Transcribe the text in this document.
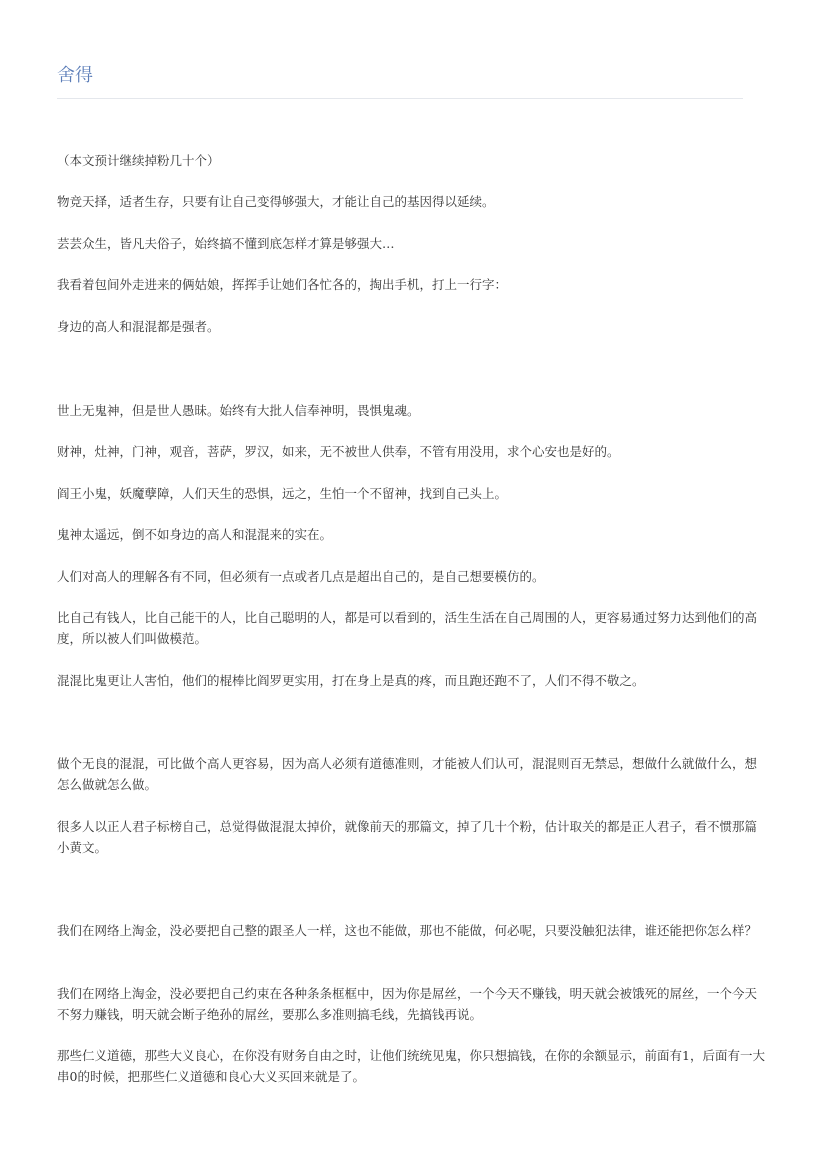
舍得

（本文预计继续掉粉几十个）

物竞天择，适者生存，只要有让自己变得够强大，才能让自己的基因得以延续。

芸芸众生，皆凡夫俗子，始终搞不懂到底怎样才算是够强大…

我看着包间外走进来的俩姑娘，挥挥手让她们各忙各的，掏出手机，打上一行字：

身边的高人和混混都是强者。

世上无鬼神，但是世人愚昧。始终有大批人信奉神明，畏惧鬼魂。

财神，灶神，门神，观音，菩萨，罗汉，如来，无不被世人供奉，不管有用没用，求个心安也是好的。

阎王小鬼，妖魔孽障，人们天生的恐惧，远之，生怕一个不留神，找到自己头上。

鬼神太遥远，倒不如身边的高人和混混来的实在。

人们对高人的理解各有不同，但必须有一点或者几点是超出自己的，是自己想要模仿的。

比自己有钱人，比自己能干的人，比自己聪明的人，都是可以看到的，活生生活在自己周围的人，更容易通过努力达到他们的高度，所以被人们叫做模范。

混混比鬼更让人害怕，他们的棍棒比阎罗更实用，打在身上是真的疼，而且跑还跑不了，人们不得不敬之。

做个无良的混混，可比做个高人更容易，因为高人必须有道德准则，才能被人们认可，混混则百无禁忌，想做什么就做什么，想怎么做就怎么做。

很多人以正人君子标榜自己，总觉得做混混太掉价，就像前天的那篇文，掉了几十个粉，估计取关的都是正人君子，看不惯那篇小黄文。

我们在网络上淘金，没必要把自己整的跟圣人一样，这也不能做，那也不能做，何必呢，只要没触犯法律，谁还能把你怎么样？

我们在网络上淘金，没必要把自己约束在各种条条框框中，因为你是屌丝，一个今天不赚钱，明天就会被饿死的屌丝，一个今天不努力赚钱，明天就会断子绝孙的屌丝，要那么多准则搞毛线，先搞钱再说。

那些仁义道德，那些大义良心，在你没有财务自由之时，让他们统统见鬼，你只想搞钱，在你的余额显示，前面有1，后面有一大串0的时候，把那些仁义道德和良心大义买回来就是了。
